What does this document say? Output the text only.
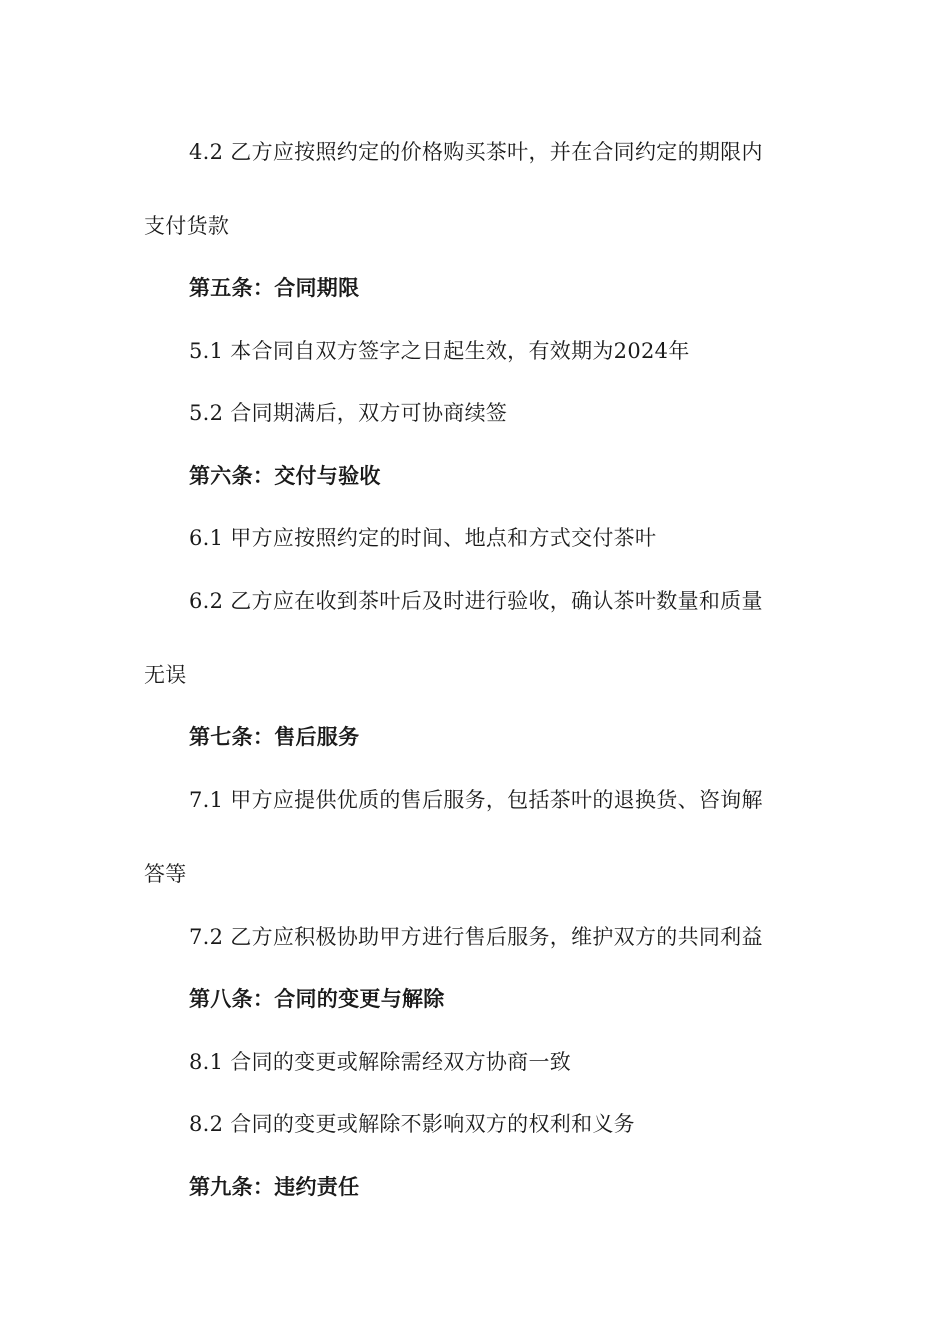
4.2 乙方应按照约定的价格购买茶叶，并在合同约定的期限内
支付货款
第五条：合同期限
5.1 本合同自双方签字之日起生效，有效期为2024年
5.2 合同期满后，双方可协商续签
第六条：交付与验收
6.1 甲方应按照约定的时间、地点和方式交付茶叶
6.2 乙方应在收到茶叶后及时进行验收，确认茶叶数量和质量
无误
第七条：售后服务
7.1 甲方应提供优质的售后服务，包括茶叶的退换货、咨询解
答等
7.2 乙方应积极协助甲方进行售后服务，维护双方的共同利益
第八条：合同的变更与解除
8.1 合同的变更或解除需经双方协商一致
8.2 合同的变更或解除不影响双方的权利和义务
第九条：违约责任
